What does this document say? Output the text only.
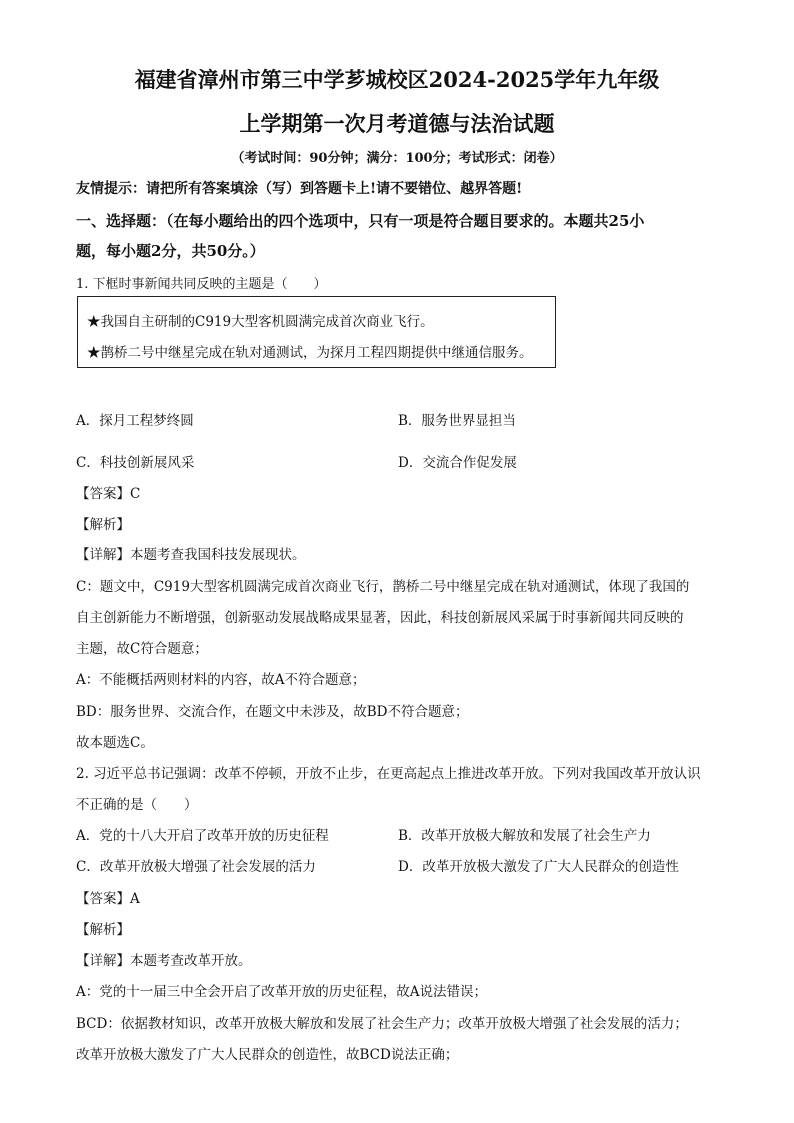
福建省漳州市第三中学芗城校区2024-2025学年九年级
上学期第一次月考道德与法治试题
（考试时间：90分钟；满分：100分；考试形式：闭卷）
友情提示：请把所有答案填涂（写）到答题卡上!请不要错位、越界答题!
一、选择题：（在每小题给出的四个选项中，只有一项是符合题目要求的。本题共25小
题，每小题2分，共50分。）
1. 下框时事新闻共同反映的主题是（　　）
★我国自主研制的C919大型客机圆满完成首次商业飞行。
★鹊桥二号中继星完成在轨对通测试，为探月工程四期提供中继通信服务。
A．探月工程梦终圆	B．服务世界显担当
C．科技创新展风采	D．交流合作促发展
【答案】C
【解析】
【详解】本题考查我国科技发展现状。
C：题文中，C919大型客机圆满完成首次商业飞行，鹊桥二号中继星完成在轨对通测试，体现了我国的
自主创新能力不断增强，创新驱动发展战略成果显著，因此，科技创新展风采属于时事新闻共同反映的
主题，故C符合题意；
A：不能概括两则材料的内容，故A不符合题意；
BD：服务世界、交流合作，在题文中未涉及，故BD不符合题意；
故本题选C。
2. 习近平总书记强调：改革不停顿，开放不止步，在更高起点上推进改革开放。下列对我国改革开放认识
不正确的是（　　）
A．党的十八大开启了改革开放的历史征程	B．改革开放极大解放和发展了社会生产力
C．改革开放极大增强了社会发展的活力	D．改革开放极大激发了广大人民群众的创造性
【答案】A
【解析】
【详解】本题考查改革开放。
A：党的十一届三中全会开启了改革开放的历史征程，故A说法错误；
BCD：依据教材知识，改革开放极大解放和发展了社会生产力；改革开放极大增强了社会发展的活力；
改革开放极大激发了广大人民群众的创造性，故BCD说法正确；
